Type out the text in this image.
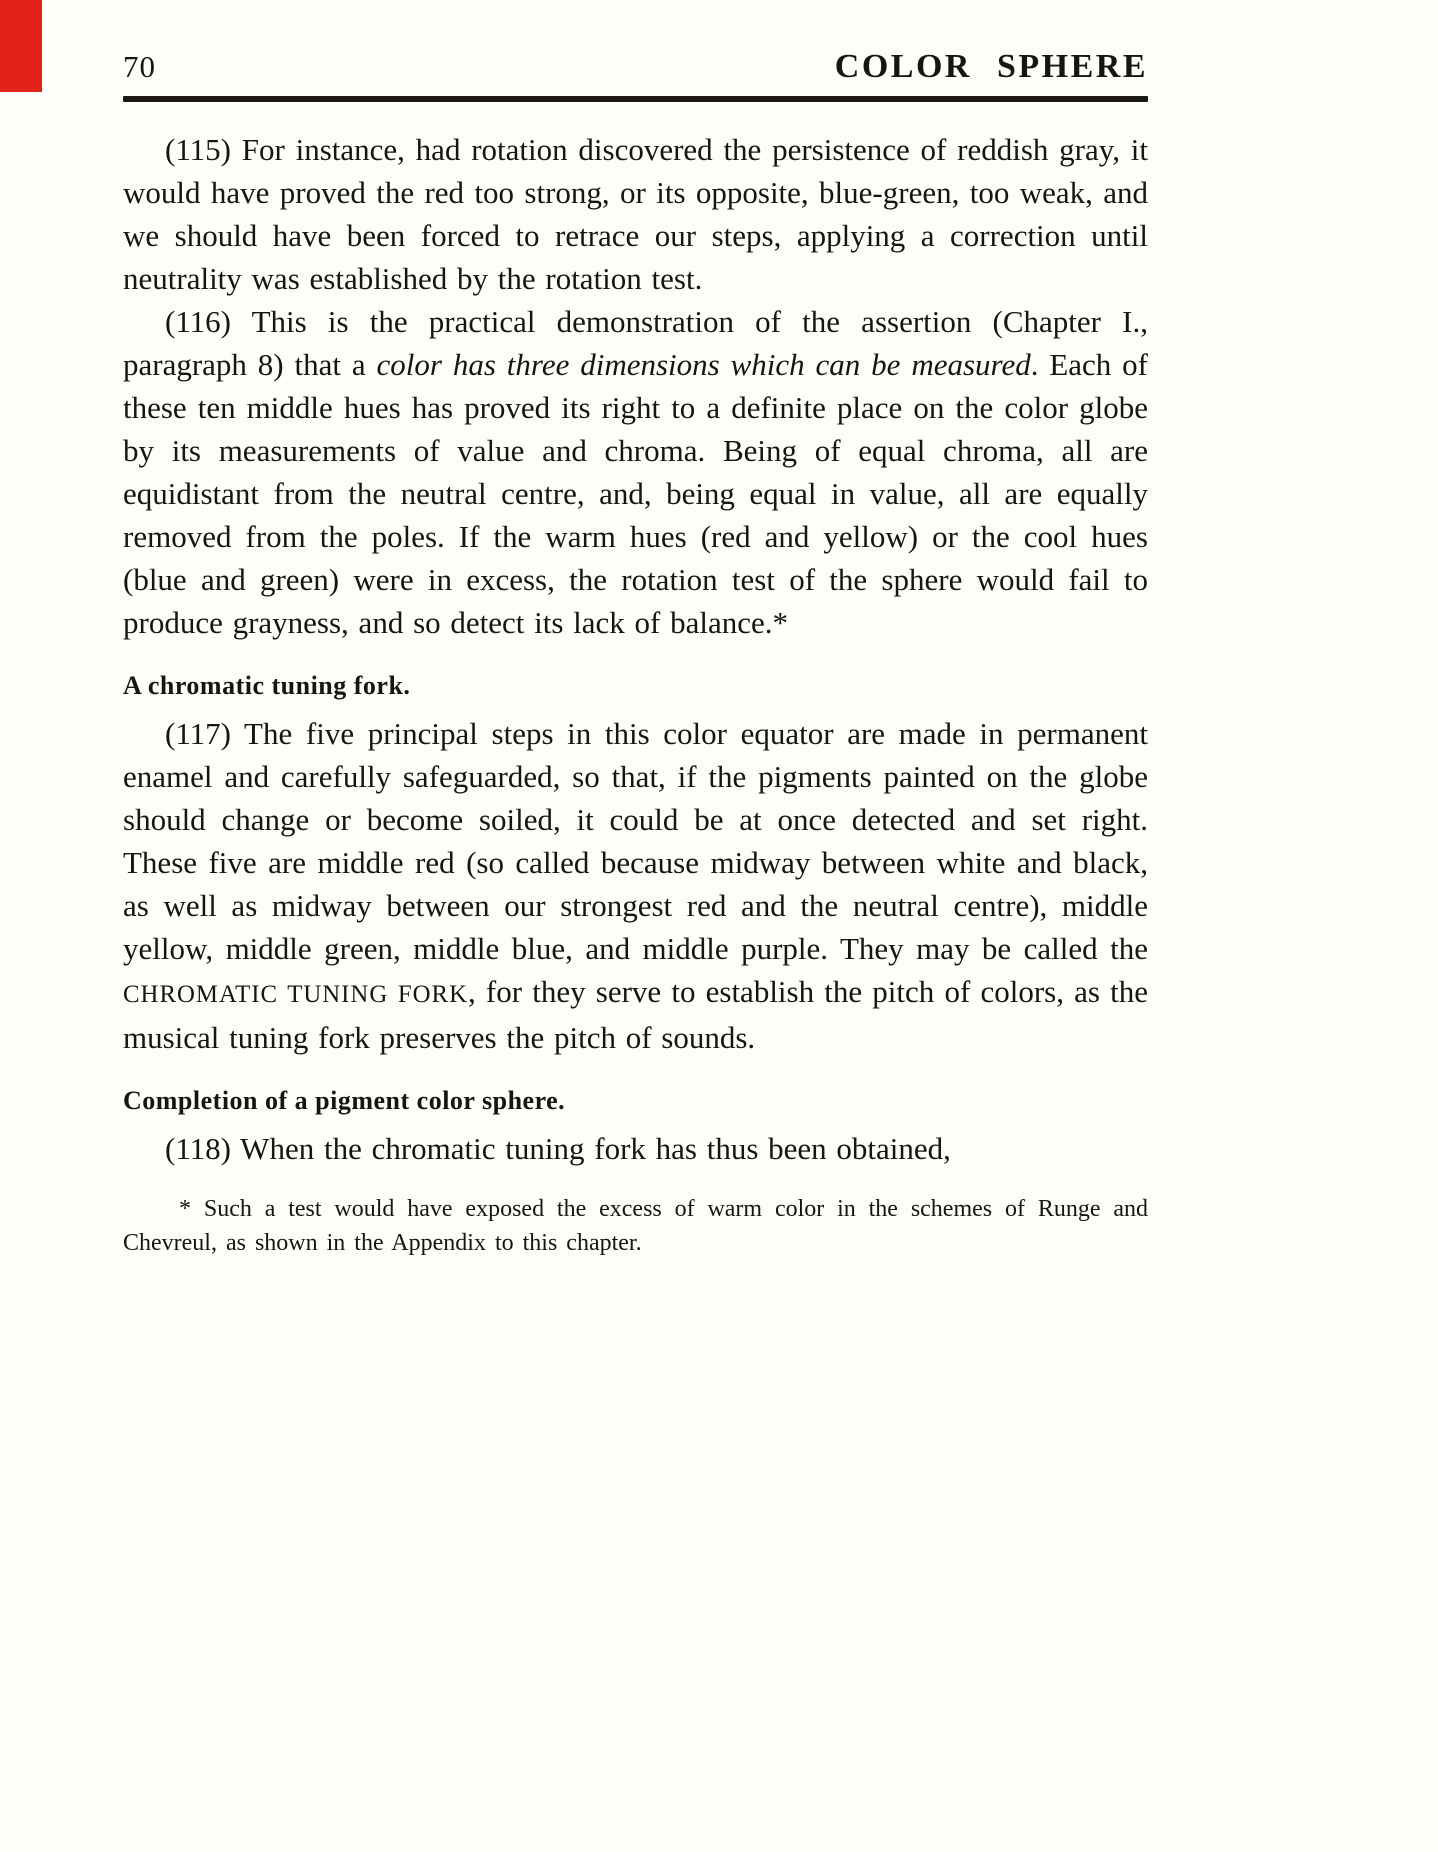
70	COLOR SPHERE

(115) For instance, had rotation discovered the persistence of reddish gray, it would have proved the red too strong, or its opposite, blue-green, too weak, and we should have been forced to retrace our steps, applying a correction until neutrality was established by the rotation test.

(116) This is the practical demonstration of the assertion (Chapter I., paragraph 8) that a color has three dimensions which can be measured. Each of these ten middle hues has proved its right to a definite place on the color globe by its measurements of value and chroma. Being of equal chroma, all are equidistant from the neutral centre, and, being equal in value, all are equally removed from the poles. If the warm hues (red and yellow) or the cool hues (blue and green) were in excess, the rotation test of the sphere would fail to produce grayness, and so detect its lack of balance.*

A chromatic tuning fork.

(117) The five principal steps in this color equator are made in permanent enamel and carefully safeguarded, so that, if the pigments painted on the globe should change or become soiled, it could be at once detected and set right. These five are middle red (so called because midway between white and black, as well as midway between our strongest red and the neutral centre), middle yellow, middle green, middle blue, and middle purple. They may be called the CHROMATIC TUNING FORK, for they serve to establish the pitch of colors, as the musical tuning fork preserves the pitch of sounds.

Completion of a pigment color sphere.

(118) When the chromatic tuning fork has thus been obtained,

* Such a test would have exposed the excess of warm color in the schemes of Runge and Chevreul, as shown in the Appendix to this chapter.
